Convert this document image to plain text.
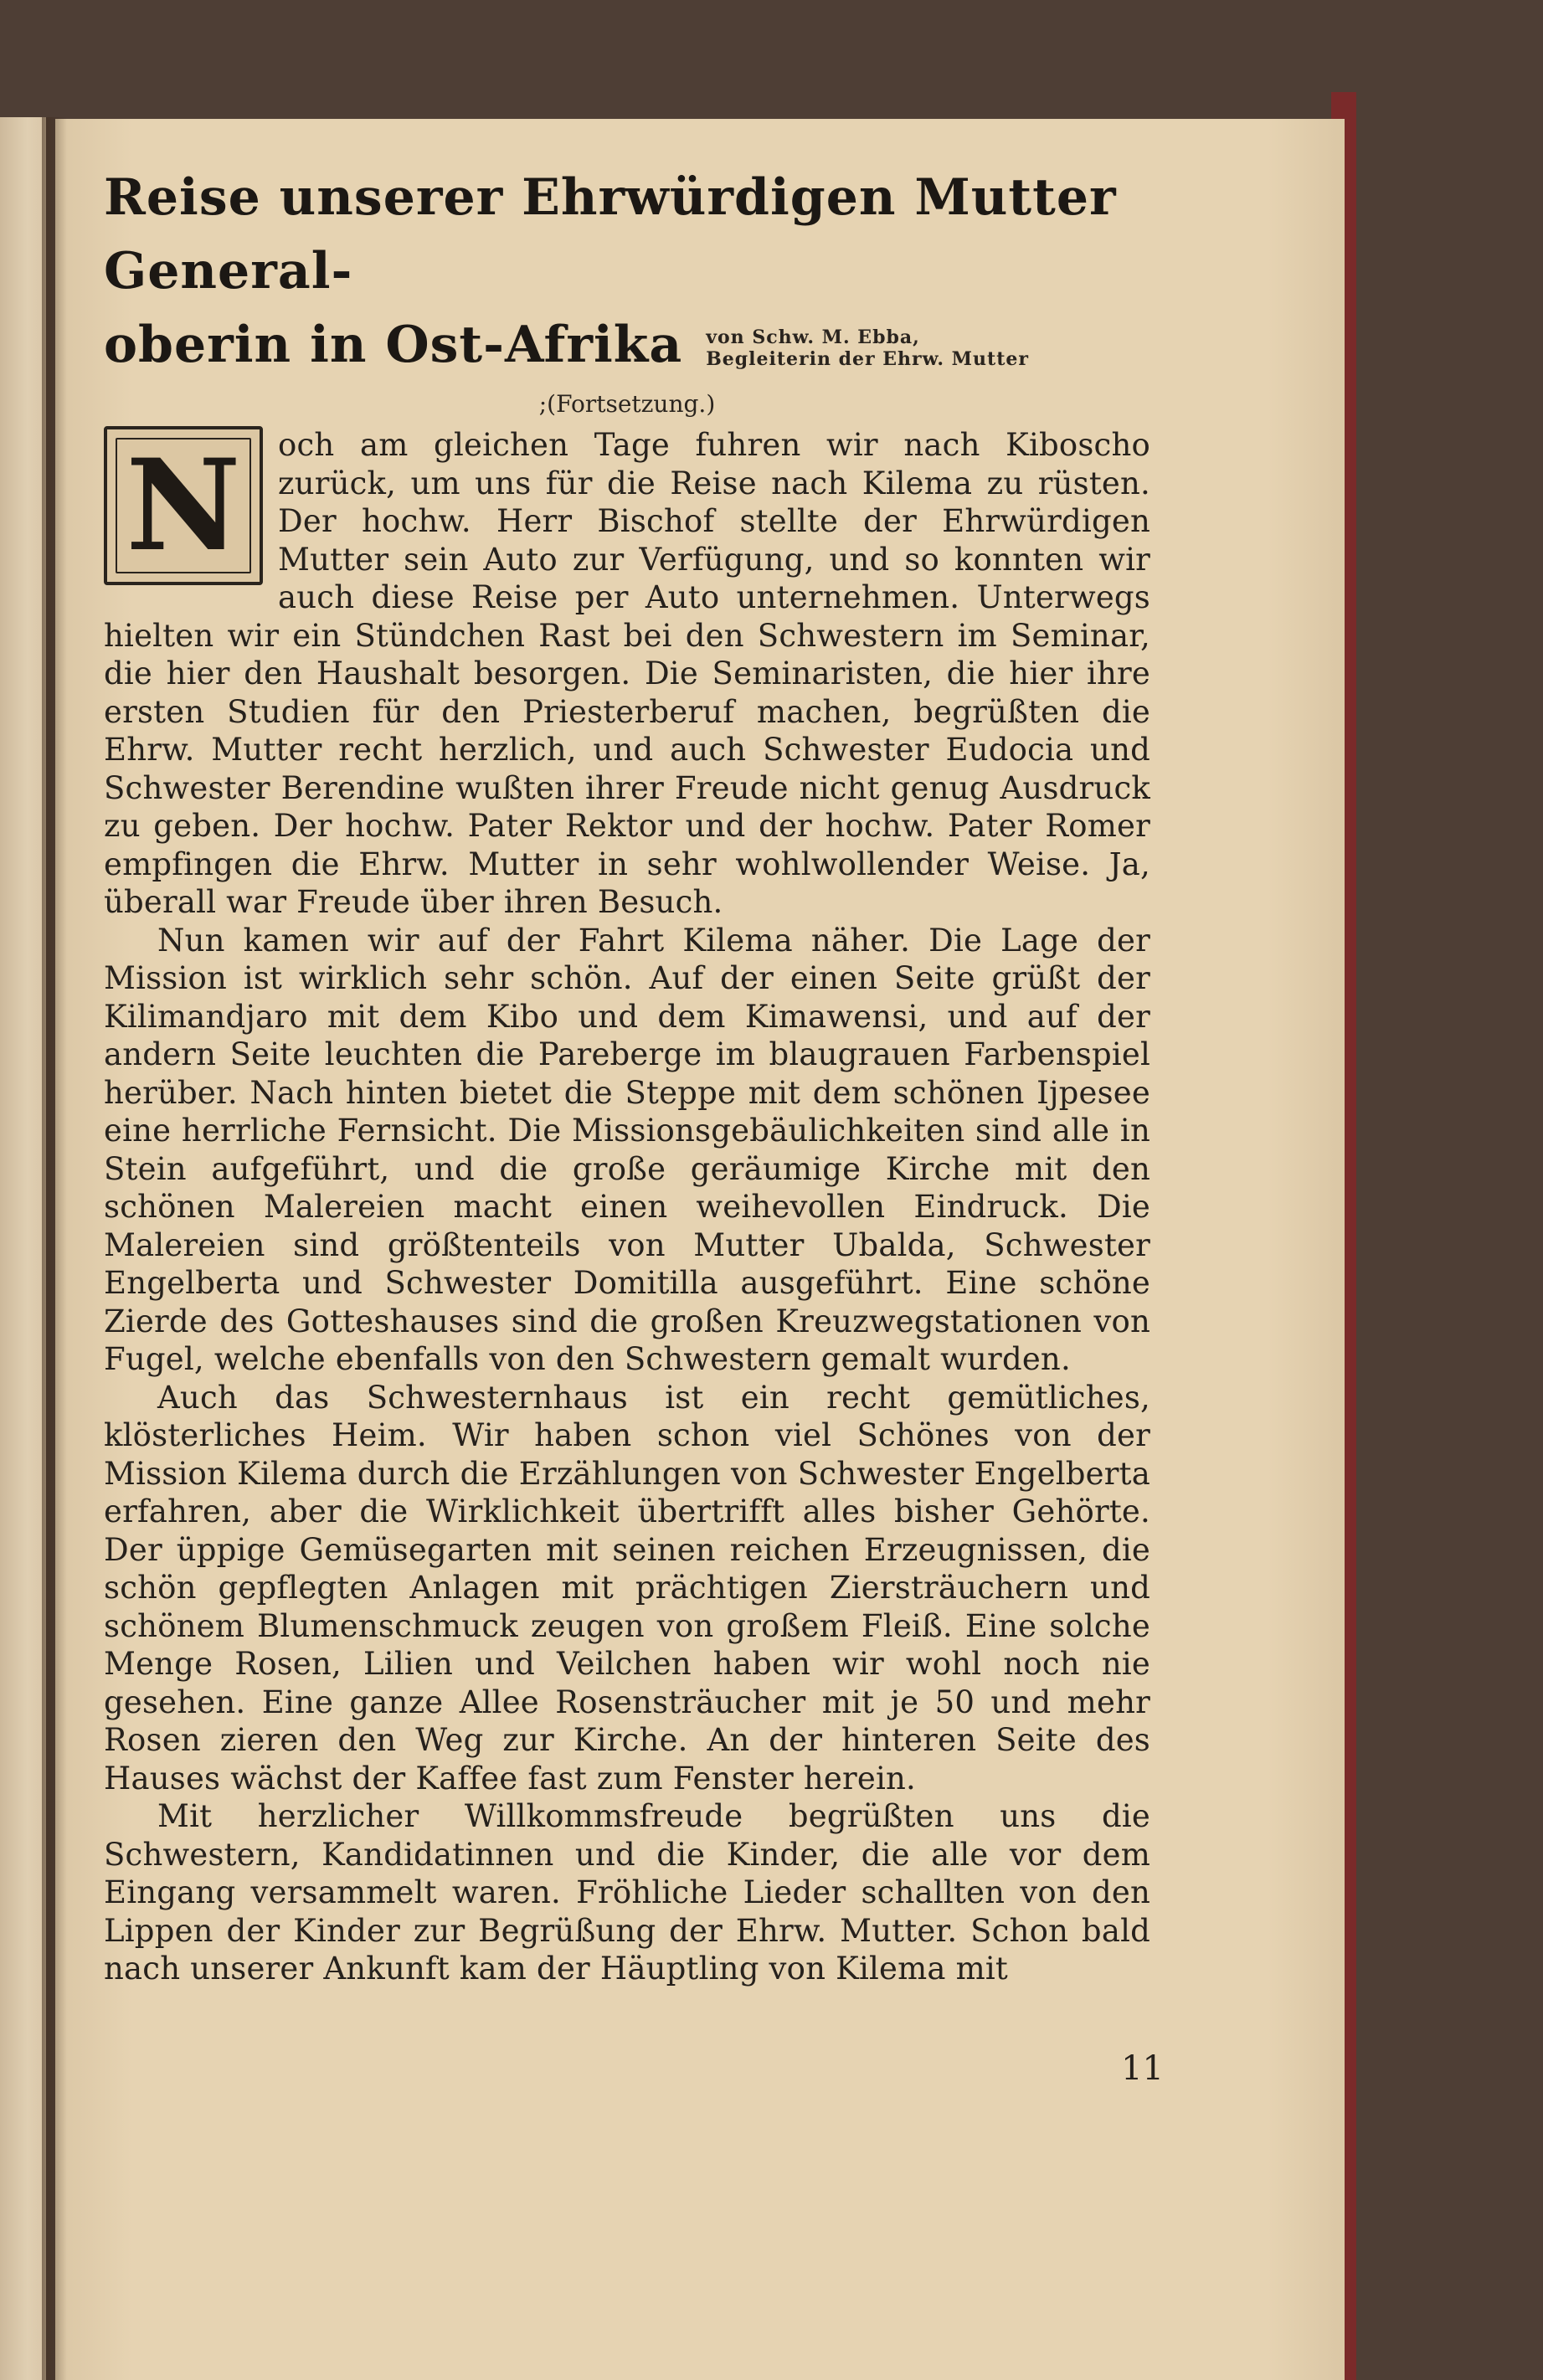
Reise unserer Ehrwürdigen Mutter General-
oberin in Ost-Afrika von Schw. M. Ebba,
Begleiterin der Ehrw. Mutter
;(Fortsetzung.)
N	och am gleichen Tage fuhren wir nach Kiboscho zurück, um uns für die Reise nach Kilema zu rüsten. Der hochw. Herr Bischof stellte der Ehrwürdigen Mutter sein Auto zur Verfügung, und so konnten wir auch diese Reise per Auto unternehmen. Unterwegs hielten wir ein Stündchen Rast bei den Schwestern im Seminar, die hier den Haushalt besorgen. Die Seminaristen, die hier ihre ersten Studien für den Priesterberuf machen, begrüßten die Ehrw. Mutter recht herzlich, und auch Schwester Eudocia und Schwester Berendine wußten ihrer Freude nicht genug Ausdruck zu geben. Der hochw. Pater Rektor und der hochw. Pater Romer empfingen die Ehrw. Mutter in sehr wohlwollender Weise. Ja, überall war Freude über ihren Besuch.

Nun kamen wir auf der Fahrt Kilema näher. Die Lage der Mission ist wirklich sehr schön. Auf der einen Seite grüßt der Kilimandjaro mit dem Kibo und dem Kimawensi, und auf der andern Seite leuchten die Pareberge im blaugrauen Farbenspiel herüber. Nach hinten bietet die Steppe mit dem schönen Ijpesee eine herrliche Fernsicht. Die Missionsgebäulichkeiten sind alle in Stein aufgeführt, und die große geräumige Kirche mit den schönen Malereien macht einen weihevollen Eindruck. Die Malereien sind größtenteils von Mutter Ubalda, Schwester Engelberta und Schwester Domitilla ausgeführt. Eine schöne Zierde des Gotteshauses sind die großen Kreuzwegstationen von Fugel, welche ebenfalls von den Schwestern gemalt wurden.

Auch das Schwesternhaus ist ein recht gemütliches, klösterliches Heim. Wir haben schon viel Schönes von der Mission Kilema durch die Erzählungen von Schwester Engelberta erfahren, aber die Wirklichkeit übertrifft alles bisher Gehörte. Der üppige Gemüsegarten mit seinen reichen Erzeugnissen, die schön gepflegten Anlagen mit prächtigen Ziersträuchern und schönem Blumenschmuck zeugen von großem Fleiß. Eine solche Menge Rosen, Lilien und Veilchen haben wir wohl noch nie gesehen. Eine ganze Allee Rosensträucher mit je 50 und mehr Rosen zieren den Weg zur Kirche. An der hinteren Seite des Hauses wächst der Kaffee fast zum Fenster herein.

Mit herzlicher Willkommsfreude begrüßten uns die Schwestern, Kandidatinnen und die Kinder, die alle vor dem Eingang versammelt waren. Fröhliche Lieder schallten von den Lippen der Kinder zur Begrüßung der Ehrw. Mutter. Schon bald nach unserer Ankunft kam der Häuptling von Kilema mit

11
